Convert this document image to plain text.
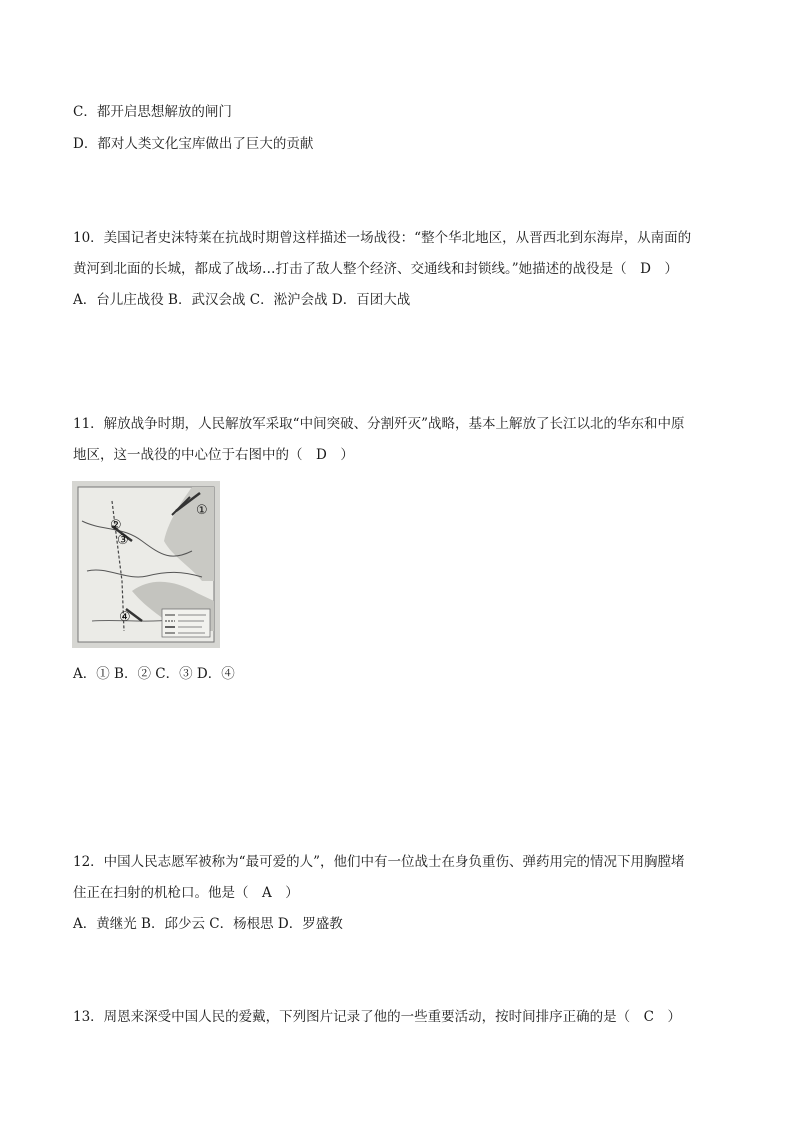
C．都开启思想解放的闸门
D．都对人类文化宝库做出了巨大的贡献
10．美国记者史沫特莱在抗战时期曾这样描述一场战役：“整个华北地区，从晋西北到东海岸，从南面的
黄河到北面的长城，都成了战场…打击了敌人整个经济、交通线和封锁线。”她描述的战役是（　D　）
A．台儿庄战役 B．武汉会战 C．淞沪会战 D．百团大战
11．解放战争时期，人民解放军采取“中间突破、分割歼灭”战略，基本上解放了长江以北的华东和中原
地区，这一战役的中心位于右图中的（　D　）
①
②
③
④
A．① B．② C．③ D．④
12．中国人民志愿军被称为“最可爱的人”，他们中有一位战士在身负重伤、弹药用完的情况下用胸膛堵
住正在扫射的机枪口。他是（　A　）
A．黄继光 B．邱少云 C．杨根思 D．罗盛教
13．周恩来深受中国人民的爱戴，下列图片记录了他的一些重要活动，按时间排序正确的是（　C　）
